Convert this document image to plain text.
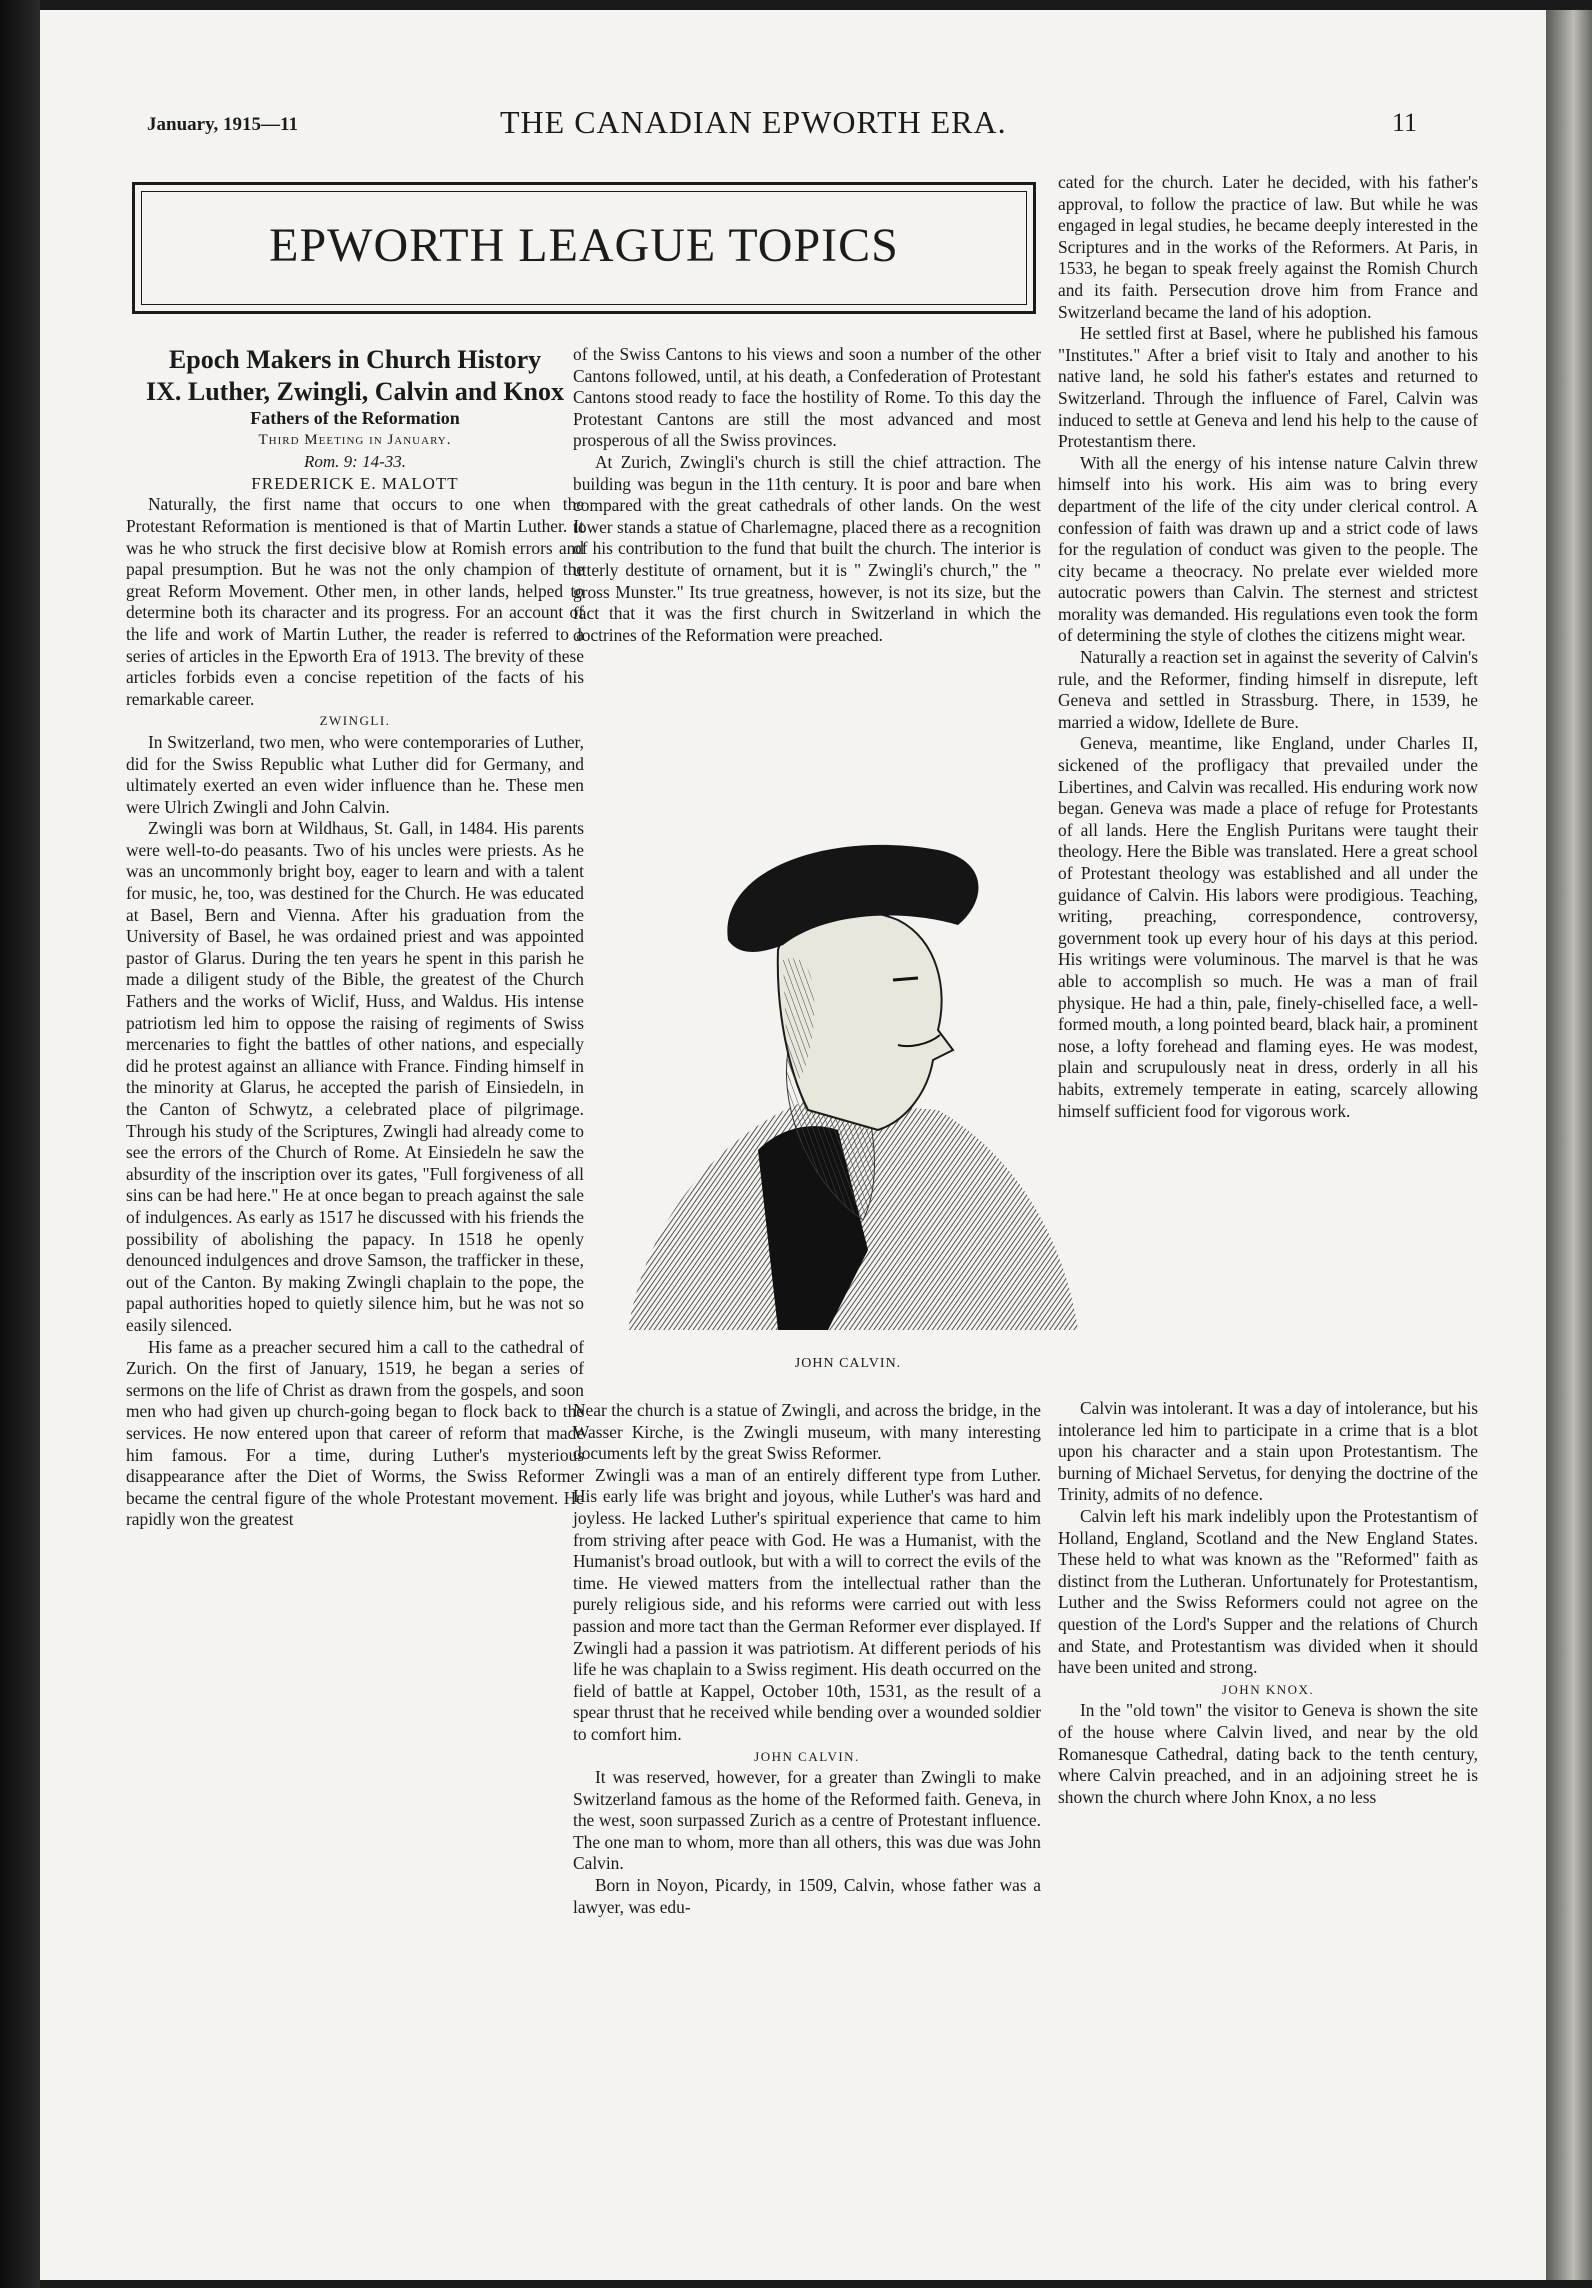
January, 1915—11	THE CANADIAN EPWORTH ERA.	11
EPWORTH LEAGUE TOPICS

Epoch Makers in Church History

IX. Luther, Zwingli, Calvin and Knox

Fathers of the Reformation

Third Meeting in January.

Rom. 9: 14-33.

FREDERICK E. MALOTT

Naturally, the first name that occurs to one when the Protestant Reformation is mentioned is that of Martin Luther. It was he who struck the first decisive blow at Romish errors and papal presumption. But he was not the only champion of the great Reform Movement. Other men, in other lands, helped to determine both its character and its progress. For an account of the life and work of Martin Luther, the reader is referred to a series of articles in the Epworth Era of 1913. The brevity of these articles forbids even a concise repetition of the facts of his remarkable career.

ZWINGLI.

In Switzerland, two men, who were contemporaries of Luther, did for the Swiss Republic what Luther did for Germany, and ultimately exerted an even wider influence than he. These men were Ulrich Zwingli and John Calvin.

Zwingli was born at Wildhaus, St. Gall, in 1484. His parents were well-to-do peasants. Two of his uncles were priests. As he was an uncommonly bright boy, eager to learn and with a talent for music, he, too, was destined for the Church. He was educated at Basel, Bern and Vienna. After his graduation from the University of Basel, he was ordained priest and was appointed pastor of Glarus. During the ten years he spent in this parish he made a diligent study of the Bible, the greatest of the Church Fathers and the works of Wiclif, Huss, and Waldus. His intense patriotism led him to oppose the raising of regiments of Swiss mercenaries to fight the battles of other nations, and especially did he protest against an alliance with France. Finding himself in the minority at Glarus, he accepted the parish of Einsiedeln, in the Canton of Schwytz, a celebrated place of pilgrimage. Through his study of the Scriptures, Zwingli had already come to see the errors of the Church of Rome. At Einsiedeln he saw the absurdity of the inscription over its gates, "Full forgiveness of all sins can be had here." He at once began to preach against the sale of indulgences. As early as 1517 he discussed with his friends the possibility of abolishing the papacy. In 1518 he openly denounced indulgences and drove Samson, the trafficker in these, out of the Canton. By making Zwingli chaplain to the pope, the papal authorities hoped to quietly silence him, but he was not so easily silenced.

His fame as a preacher secured him a call to the cathedral of Zurich. On the first of January, 1519, he began a series of sermons on the life of Christ as drawn from the gospels, and soon men who had given up church-going began to flock back to the services. He now entered upon that career of reform that made him famous. For a time, during Luther's mysterious disappearance after the Diet of Worms, the Swiss Reformer became the central figure of the whole Protestant movement. He rapidly won the greatest

of the Swiss Cantons to his views and soon a number of the other Cantons followed, until, at his death, a Confederation of Protestant Cantons stood ready to face the hostility of Rome. To this day the Protestant Cantons are still the most advanced and most prosperous of all the Swiss provinces.

At Zurich, Zwingli's church is still the chief attraction. The building was begun in the 11th century. It is poor and bare when compared with the great cathedrals of other lands. On the west tower stands a statue of Charlemagne, placed there as a recognition of his contribution to the fund that built the church. The interior is utterly destitute of ornament, but it is " Zwingli's church," the " gross Munster." Its true greatness, however, is not its size, but the fact that it was the first church in Switzerland in which the doctrines of the Reformation were preached.

JOHN CALVIN.

Near the church is a statue of Zwingli, and across the bridge, in the Wasser Kirche, is the Zwingli museum, with many interesting documents left by the great Swiss Reformer.

Zwingli was a man of an entirely different type from Luther. His early life was bright and joyous, while Luther's was hard and joyless. He lacked Luther's spiritual experience that came to him from striving after peace with God. He was a Humanist, with the Humanist's broad outlook, but with a will to correct the evils of the time. He viewed matters from the intellectual rather than the purely religious side, and his reforms were carried out with less passion and more tact than the German Reformer ever displayed. If Zwingli had a passion it was patriotism. At different periods of his life he was chaplain to a Swiss regiment. His death occurred on the field of battle at Kappel, October 10th, 1531, as the result of a spear thrust that he received while bending over a wounded soldier to comfort him.

JOHN CALVIN.

It was reserved, however, for a greater than Zwingli to make Switzerland famous as the home of the Reformed faith. Geneva, in the west, soon surpassed Zurich as a centre of Protestant influence. The one man to whom, more than all others, this was due was John Calvin.

Born in Noyon, Picardy, in 1509, Calvin, whose father was a lawyer, was edu-

cated for the church. Later he decided, with his father's approval, to follow the practice of law. But while he was engaged in legal studies, he became deeply interested in the Scriptures and in the works of the Reformers. At Paris, in 1533, he began to speak freely against the Romish Church and its faith. Persecution drove him from France and Switzerland became the land of his adoption.

He settled first at Basel, where he published his famous "Institutes." After a brief visit to Italy and another to his native land, he sold his father's estates and returned to Switzerland. Through the influence of Farel, Calvin was induced to settle at Geneva and lend his help to the cause of Protestantism there.

With all the energy of his intense nature Calvin threw himself into his work. His aim was to bring every department of the life of the city under clerical control. A confession of faith was drawn up and a strict code of laws for the regulation of conduct was given to the people. The city became a theocracy. No prelate ever wielded more autocratic powers than Calvin. The sternest and strictest morality was demanded. His regulations even took the form of determining the style of clothes the citizens might wear.

Naturally a reaction set in against the severity of Calvin's rule, and the Reformer, finding himself in disrepute, left Geneva and settled in Strassburg. There, in 1539, he married a widow, Idellete de Bure.

Geneva, meantime, like England, under Charles II, sickened of the profligacy that prevailed under the Libertines, and Calvin was recalled. His enduring work now began. Geneva was made a place of refuge for Protestants of all lands. Here the English Puritans were taught their theology. Here the Bible was translated. Here a great school of Protestant theology was established and all under the guidance of Calvin. His labors were prodigious. Teaching, writing, preaching, correspondence, controversy, government took up every hour of his days at this period. His writings were voluminous. The marvel is that he was able to accomplish so much. He was a man of frail physique. He had a thin, pale, finely-chiselled face, a well-formed mouth, a long pointed beard, black hair, a prominent nose, a lofty forehead and flaming eyes. He was modest, plain and scrupulously neat in dress, orderly in all his habits, extremely temperate in eating, scarcely allowing himself sufficient food for vigorous work.

Calvin was intolerant. It was a day of intolerance, but his intolerance led him to participate in a crime that is a blot upon his character and a stain upon Protestantism. The burning of Michael Servetus, for denying the doctrine of the Trinity, admits of no defence.

Calvin left his mark indelibly upon the Protestantism of Holland, England, Scotland and the New England States. These held to what was known as the "Reformed" faith as distinct from the Lutheran. Unfortunately for Protestantism, Luther and the Swiss Reformers could not agree on the question of the Lord's Supper and the relations of Church and State, and Protestantism was divided when it should have been united and strong.

JOHN KNOX.

In the "old town" the visitor to Geneva is shown the site of the house where Calvin lived, and near by the old Romanesque Cathedral, dating back to the tenth century, where Calvin preached, and in an adjoining street he is shown the church where John Knox, a no less
